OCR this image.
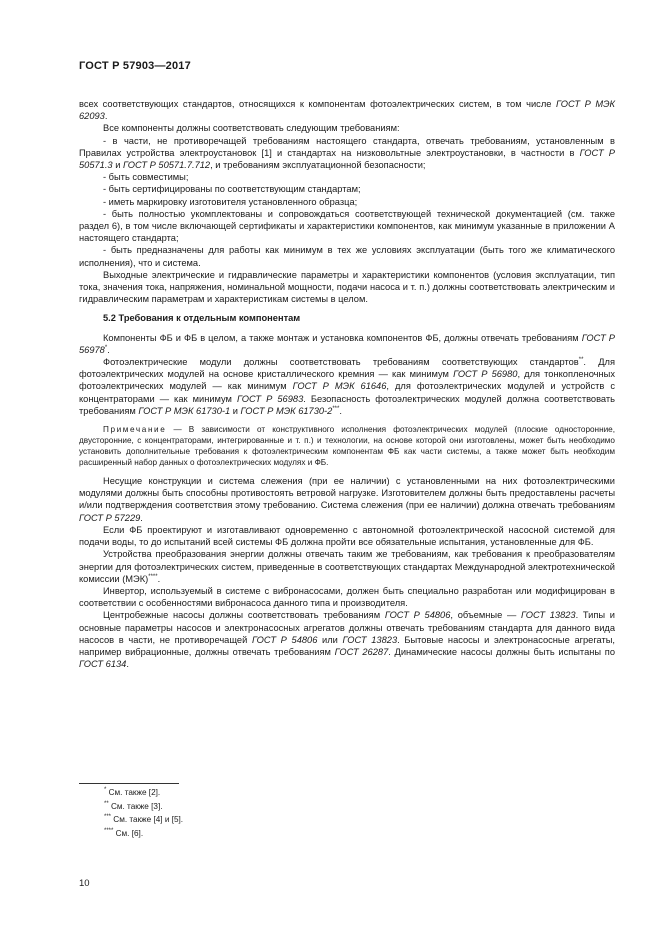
ГОСТ Р 57903—2017

всех соответствующих стандартов, относящихся к компонентам фотоэлектрических систем, в том числе ГОСТ Р МЭК 62093.

Все компоненты должны соответствовать следующим требованиям:

- в части, не противоречащей требованиям настоящего стандарта, отвечать требованиям, установленным в Правилах устройства электроустановок [1] и стандартах на низковольтные электроустановки, в частности в ГОСТ Р 50571.3 и ГОСТ Р 50571.7.712, и требованиям эксплуатационной безопасности;

- быть совместимы;

- быть сертифицированы по соответствующим стандартам;

- иметь маркировку изготовителя установленного образца;

- быть полностью укомплектованы и сопровождаться соответствующей технической документацией (см. также раздел 6), в том числе включающей сертификаты и характеристики компонентов, как минимум указанные в приложении А настоящего стандарта;

- быть предназначены для работы как минимум в тех же условиях эксплуатации (быть того же климатического исполнения), что и система.

Выходные электрические и гидравлические параметры и характеристики компонентов (условия эксплуатации, тип тока, значения тока, напряжения, номинальной мощности, подачи насоса и т. п.) должны соответствовать электрическим и гидравлическим параметрам и характеристикам системы в целом.

5.2 Требования к отдельным компонентам

Компоненты ФБ и ФБ в целом, а также монтаж и установка компонентов ФБ, должны отвечать требованиям ГОСТ Р 56978*.

Фотоэлектрические модули должны соответствовать требованиям соответствующих стандартов**. Для фотоэлектрических модулей на основе кристаллического кремния — как минимум ГОСТ Р 56980, для тонкопленочных фотоэлектрических модулей — как минимум ГОСТ Р МЭК 61646, для фотоэлектрических модулей и устройств с концентраторами — как минимум ГОСТ Р 56983. Безопасность фотоэлектрических модулей должна соответствовать требованиям ГОСТ Р МЭК 61730-1 и ГОСТ Р МЭК 61730-2***.

Примечание — В зависимости от конструктивного исполнения фотоэлектрических модулей (плоские односторонние, двусторонние, с концентраторами, интегрированные и т. п.) и технологии, на основе которой они изготовлены, может быть необходимо установить дополнительные требования к фотоэлектрическим компонентам ФБ как части системы, а также может быть необходим расширенный набор данных о фотоэлектрических модулях и ФБ.

Несущие конструкции и система слежения (при ее наличии) с установленными на них фотоэлектрическими модулями должны быть способны противостоять ветровой нагрузке. Изготовителем должны быть предоставлены расчеты и/или подтверждения соответствия этому требованию. Система слежения (при ее наличии) должна отвечать требованиям ГОСТ Р 57229.

Если ФБ проектируют и изготавливают одновременно с автономной фотоэлектрической насосной системой для подачи воды, то до испытаний всей системы ФБ должна пройти все обязательные испытания, установленные для ФБ.

Устройства преобразования энергии должны отвечать таким же требованиям, как требования к преобразователям энергии для фотоэлектрических систем, приведенные в соответствующих стандартах Международной электротехнической комиссии (МЭК)****.

Инвертор, используемый в системе с вибронасосами, должен быть специально разработан или модифицирован в соответствии с особенностями вибронасоса данного типа и производителя.

Центробежные насосы должны соответствовать требованиям ГОСТ Р 54806, объемные — ГОСТ 13823. Типы и основные параметры насосов и электронасосных агрегатов должны отвечать требованиям стандарта для данного вида насосов в части, не противоречащей ГОСТ Р 54806 или ГОСТ 13823. Бытовые насосы и электронасосные агрегаты, например вибрационные, должны отвечать требованиям ГОСТ 26287. Динамические насосы должны быть испытаны по ГОСТ 6134.

* См. также [2].
** См. также [3].
*** См. также [4] и [5].
**** См. [6].
10
